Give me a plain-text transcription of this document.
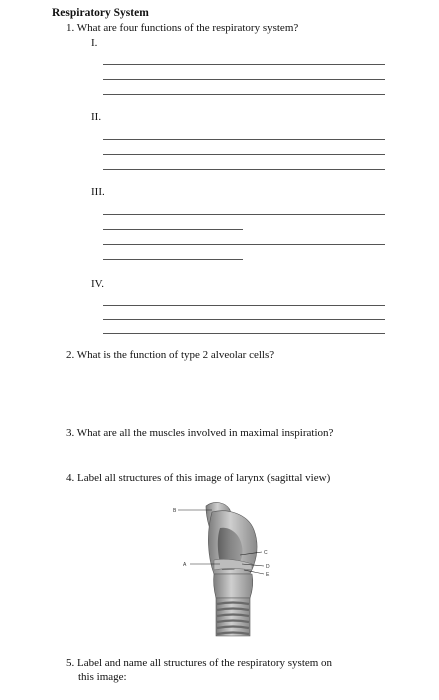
Respiratory System
1. What are four functions of the respiratory system?
I.
II.
III.
IV.
2. What is the function of type 2 alveolar cells?
3. What are all the muscles involved in maximal inspiration?
4. Label all structures of this image of larynx (sagittal view)
B
A
C
D
E
5. Label and name all structures of the respiratory system on
this image:
